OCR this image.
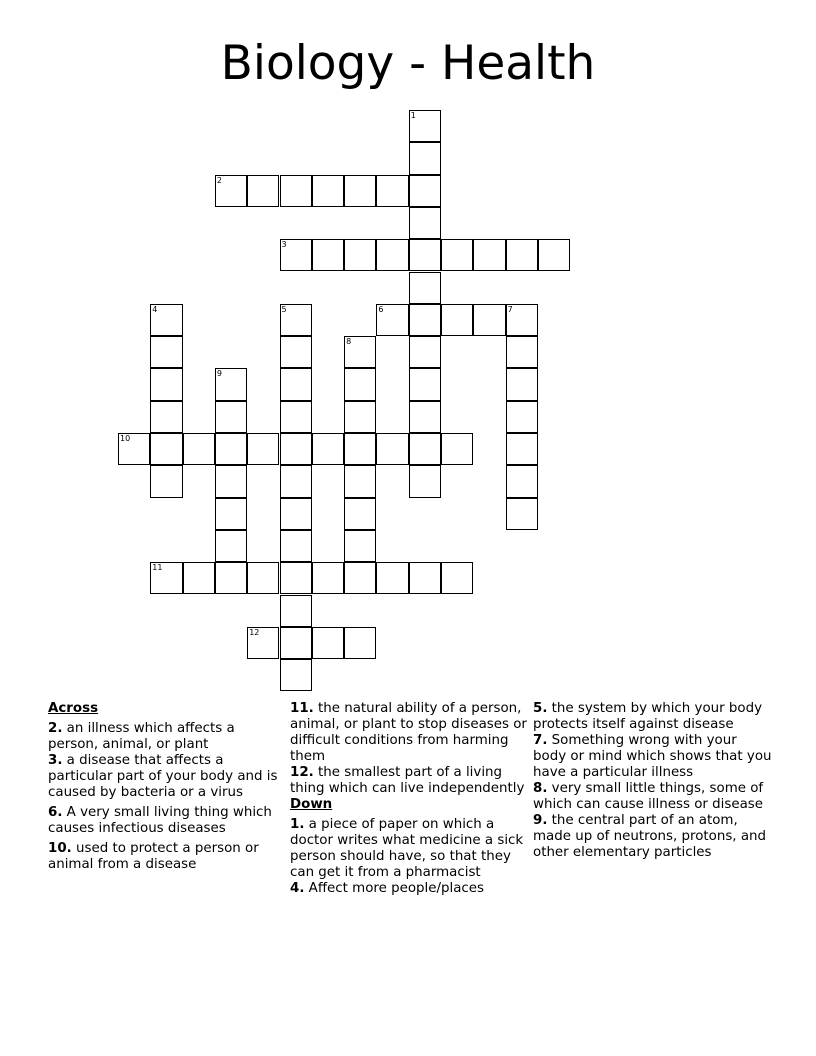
Biology - Health
1
2
3
4	5	6	7
8
9
10
11
12
Across
2. an illness which affects a person, animal, or plant
3. a disease that affects a particular part of your body and is caused by bacteria or a virus
6. A very small living thing which causes infectious diseases
10. used to protect a person or animal from a disease
11. the natural ability of a person, animal, or plant to stop diseases or difficult conditions from harming them
12. the smallest part of a living thing which can live independently
Down
1. a piece of paper on which a doctor writes what medicine a sick person should have, so that they can get it from a pharmacist
4. Affect more people/places
5. the system by which your body protects itself against disease
7. Something wrong with your body or mind which shows that you have a particular illness
8. very small little things, some of which can cause illness or disease
9. the central part of an atom, made up of neutrons, protons, and other elementary particles
